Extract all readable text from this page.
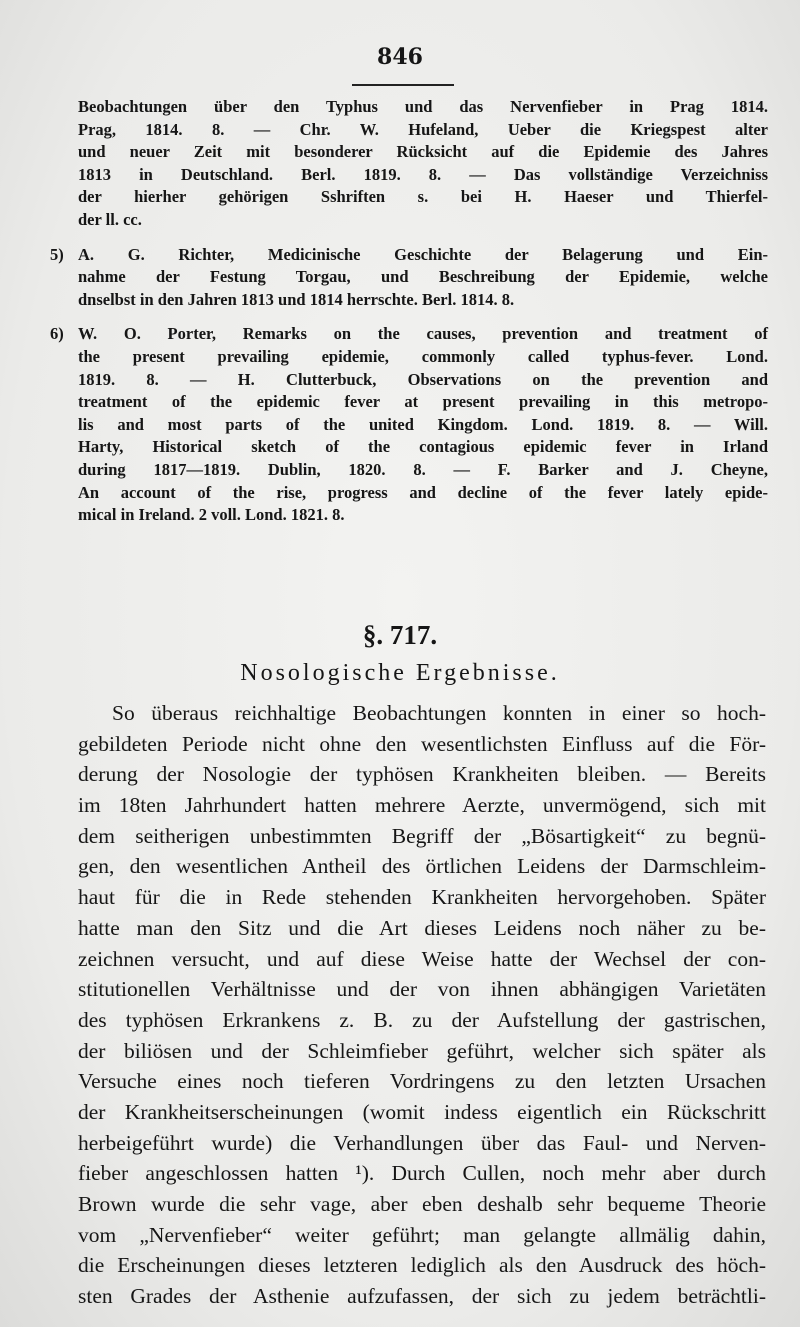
846
Beobachtungen über den Typhus und das Nervenfieber in Prag 1814.
Prag, 1814. 8. — Chr. W. Hufeland, Ueber die Kriegspest alter
und neuer Zeit mit besonderer Rücksicht auf die Epidemie des Jahres
1813 in Deutschland. Berl. 1819. 8. — Das vollständige Verzeichniss
der hierher gehörigen Sshriften s. bei H. Haeser und Thierfel-
der ll. cc.
5) A. G. Richter, Medicinische Geschichte der Belagerung und Ein-
nahme der Festung Torgau, und Beschreibung der Epidemie, welche
dnselbst in den Jahren 1813 und 1814 herrschte. Berl. 1814. 8.
6) W. O. Porter, Remarks on the causes, prevention and treatment of
the present prevailing epidemie, commonly called typhus-fever. Lond.
1819. 8. — H. Clutterbuck, Observations on the prevention and
treatment of the epidemic fever at present prevailing in this metropo-
lis and most parts of the united Kingdom. Lond. 1819. 8. — Will.
Harty, Historical sketch of the contagious epidemic fever in Irland
during 1817—1819. Dublin, 1820. 8. — F. Barker and J. Cheyne,
An account of the rise, progress and decline of the fever lately epide-
mical in Ireland. 2 voll. Lond. 1821. 8.
§. 717.
Nosologische Ergebnisse.
So überaus reichhaltige Beobachtungen konnten in einer so hoch-
gebildeten Periode nicht ohne den wesentlichsten Einfluss auf die För-
derung der Nosologie der typhösen Krankheiten bleiben. — Bereits
im 18ten Jahrhundert hatten mehrere Aerzte, unvermögend, sich mit
dem seitherigen unbestimmten Begriff der „Bösartigkeit“ zu begnü-
gen, den wesentlichen Antheil des örtlichen Leidens der Darmschleim-
haut für die in Rede stehenden Krankheiten hervorgehoben. Später
hatte man den Sitz und die Art dieses Leidens noch näher zu be-
zeichnen versucht, und auf diese Weise hatte der Wechsel der con-
stitutionellen Verhältnisse und der von ihnen abhängigen Varietäten
des typhösen Erkrankens z. B. zu der Aufstellung der gastrischen,
der biliösen und der Schleimfieber geführt, welcher sich später als
Versuche eines noch tieferen Vordringens zu den letzten Ursachen
der Krankheitserscheinungen (womit indess eigentlich ein Rückschritt
herbeigeführt wurde) die Verhandlungen über das Faul- und Nerven-
fieber angeschlossen hatten ¹). Durch Cullen, noch mehr aber durch
Brown wurde die sehr vage, aber eben deshalb sehr bequeme Theorie
vom „Nervenfieber“ weiter geführt; man gelangte allmälig dahin,
die Erscheinungen dieses letzteren lediglich als den Ausdruck des höch-
sten Grades der Asthenie aufzufassen, der sich zu jedem beträchtli-
